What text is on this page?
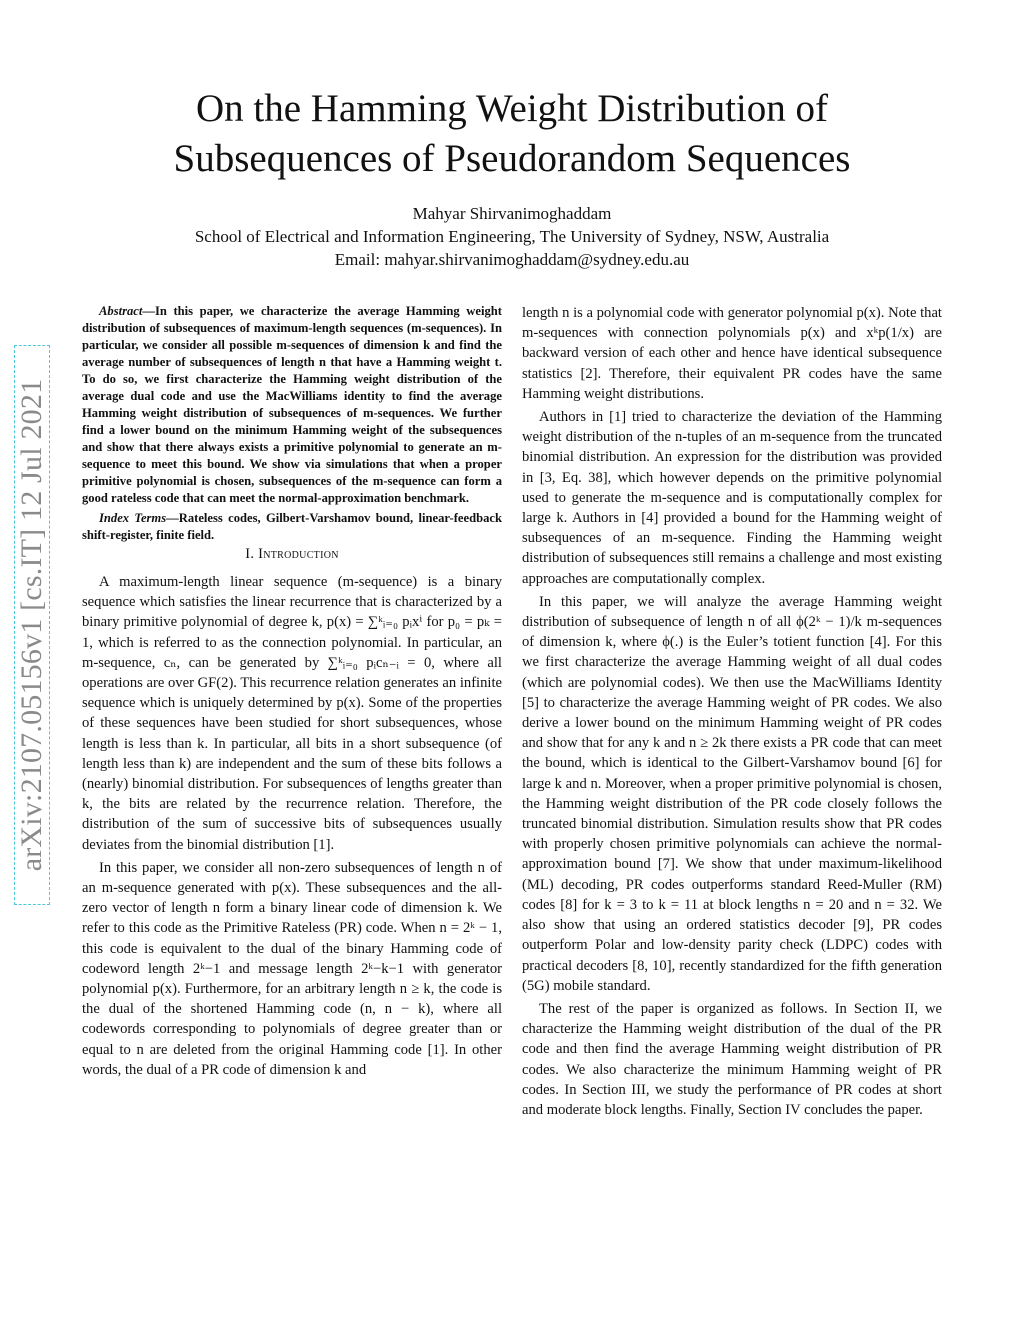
arXiv:2107.05156v1 [cs.IT] 12 Jul 2021
On the Hamming Weight Distribution of
Subsequences of Pseudorandom Sequences
Mahyar Shirvanimoghaddam
School of Electrical and Information Engineering, The University of Sydney, NSW, Australia
Email: mahyar.shirvanimoghaddam@sydney.edu.au

Abstract—In this paper, we characterize the average Hamming weight distribution of subsequences of maximum-length sequences (m-sequences). In particular, we consider all possible m-sequences of dimension k and find the average number of subsequences of length n that have a Hamming weight t. To do so, we first characterize the Hamming weight distribution of the average dual code and use the MacWilliams identity to find the average Hamming weight distribution of subsequences of m-sequences. We further find a lower bound on the minimum Hamming weight of the subsequences and show that there always exists a primitive polynomial to generate an m-sequence to meet this bound. We show via simulations that when a proper primitive polynomial is chosen, subsequences of the m-sequence can form a good rateless code that can meet the normal-approximation benchmark.

Index Terms—Rateless codes, Gilbert-Varshamov bound, linear-feedback shift-register, finite field.

I. Introduction

A maximum-length linear sequence (m-sequence) is a binary sequence which satisfies the linear recurrence that is characterized by a binary primitive polynomial of degree k, p(x) = ∑ᵏᵢ₌₀ pᵢxⁱ for p₀ = pₖ = 1, which is referred to as the connection polynomial. In particular, an m-sequence, cₙ, can be generated by ∑ᵏᵢ₌₀ pᵢcₙ₋ᵢ = 0, where all operations are over GF(2). This recurrence relation generates an infinite sequence which is uniquely determined by p(x). Some of the properties of these sequences have been studied for short subsequences, whose length is less than k. In particular, all bits in a short subsequence (of length less than k) are independent and the sum of these bits follows a (nearly) binomial distribution. For subsequences of lengths greater than k, the bits are related by the recurrence relation. Therefore, the distribution of the sum of successive bits of subsequences usually deviates from the binomial distribution [1].

In this paper, we consider all non-zero subsequences of length n of an m-sequence generated with p(x). These subsequences and the all-zero vector of length n form a binary linear code of dimension k. We refer to this code as the Primitive Rateless (PR) code. When n = 2ᵏ − 1, this code is equivalent to the dual of the binary Hamming code of codeword length 2ᵏ−1 and message length 2ᵏ−k−1 with generator polynomial p(x). Furthermore, for an arbitrary length n ≥ k, the code is the dual of the shortened Hamming code (n, n − k), where all codewords corresponding to polynomials of degree greater than or equal to n are deleted from the original Hamming code [1]. In other words, the dual of a PR code of dimension k and

length n is a polynomial code with generator polynomial p(x). Note that m-sequences with connection polynomials p(x) and xᵏp(1/x) are backward version of each other and hence have identical subsequence statistics [2]. Therefore, their equivalent PR codes have the same Hamming weight distributions.

Authors in [1] tried to characterize the deviation of the Hamming weight distribution of the n-tuples of an m-sequence from the truncated binomial distribution. An expression for the distribution was provided in [3, Eq. 38], which however depends on the primitive polynomial used to generate the m-sequence and is computationally complex for large k. Authors in [4] provided a bound for the Hamming weight of subsequences of an m-sequence. Finding the Hamming weight distribution of subsequences still remains a challenge and most existing approaches are computationally complex.

In this paper, we will analyze the average Hamming weight distribution of subsequence of length n of all ϕ(2ᵏ − 1)/k m-sequences of dimension k, where ϕ(.) is the Euler’s totient function [4]. For this we first characterize the average Hamming weight of all dual codes (which are polynomial codes). We then use the MacWilliams Identity [5] to characterize the average Hamming weight of PR codes. We also derive a lower bound on the minimum Hamming weight of PR codes and show that for any k and n ≥ 2k there exists a PR code that can meet the bound, which is identical to the Gilbert-Varshamov bound [6] for large k and n. Moreover, when a proper primitive polynomial is chosen, the Hamming weight distribution of the PR code closely follows the truncated binomial distribution. Simulation results show that PR codes with properly chosen primitive polynomials can achieve the normal-approximation bound [7]. We show that under maximum-likelihood (ML) decoding, PR codes outperforms standard Reed-Muller (RM) codes [8] for k = 3 to k = 11 at block lengths n = 20 and n = 32. We also show that using an ordered statistics decoder [9], PR codes outperform Polar and low-density parity check (LDPC) codes with practical decoders [8, 10], recently standardized for the fifth generation (5G) mobile standard.

The rest of the paper is organized as follows. In Section II, we characterize the Hamming weight distribution of the dual of the PR code and then find the average Hamming weight distribution of PR codes. We also characterize the minimum Hamming weight of PR codes. In Section III, we study the performance of PR codes at short and moderate block lengths. Finally, Section IV concludes the paper.
